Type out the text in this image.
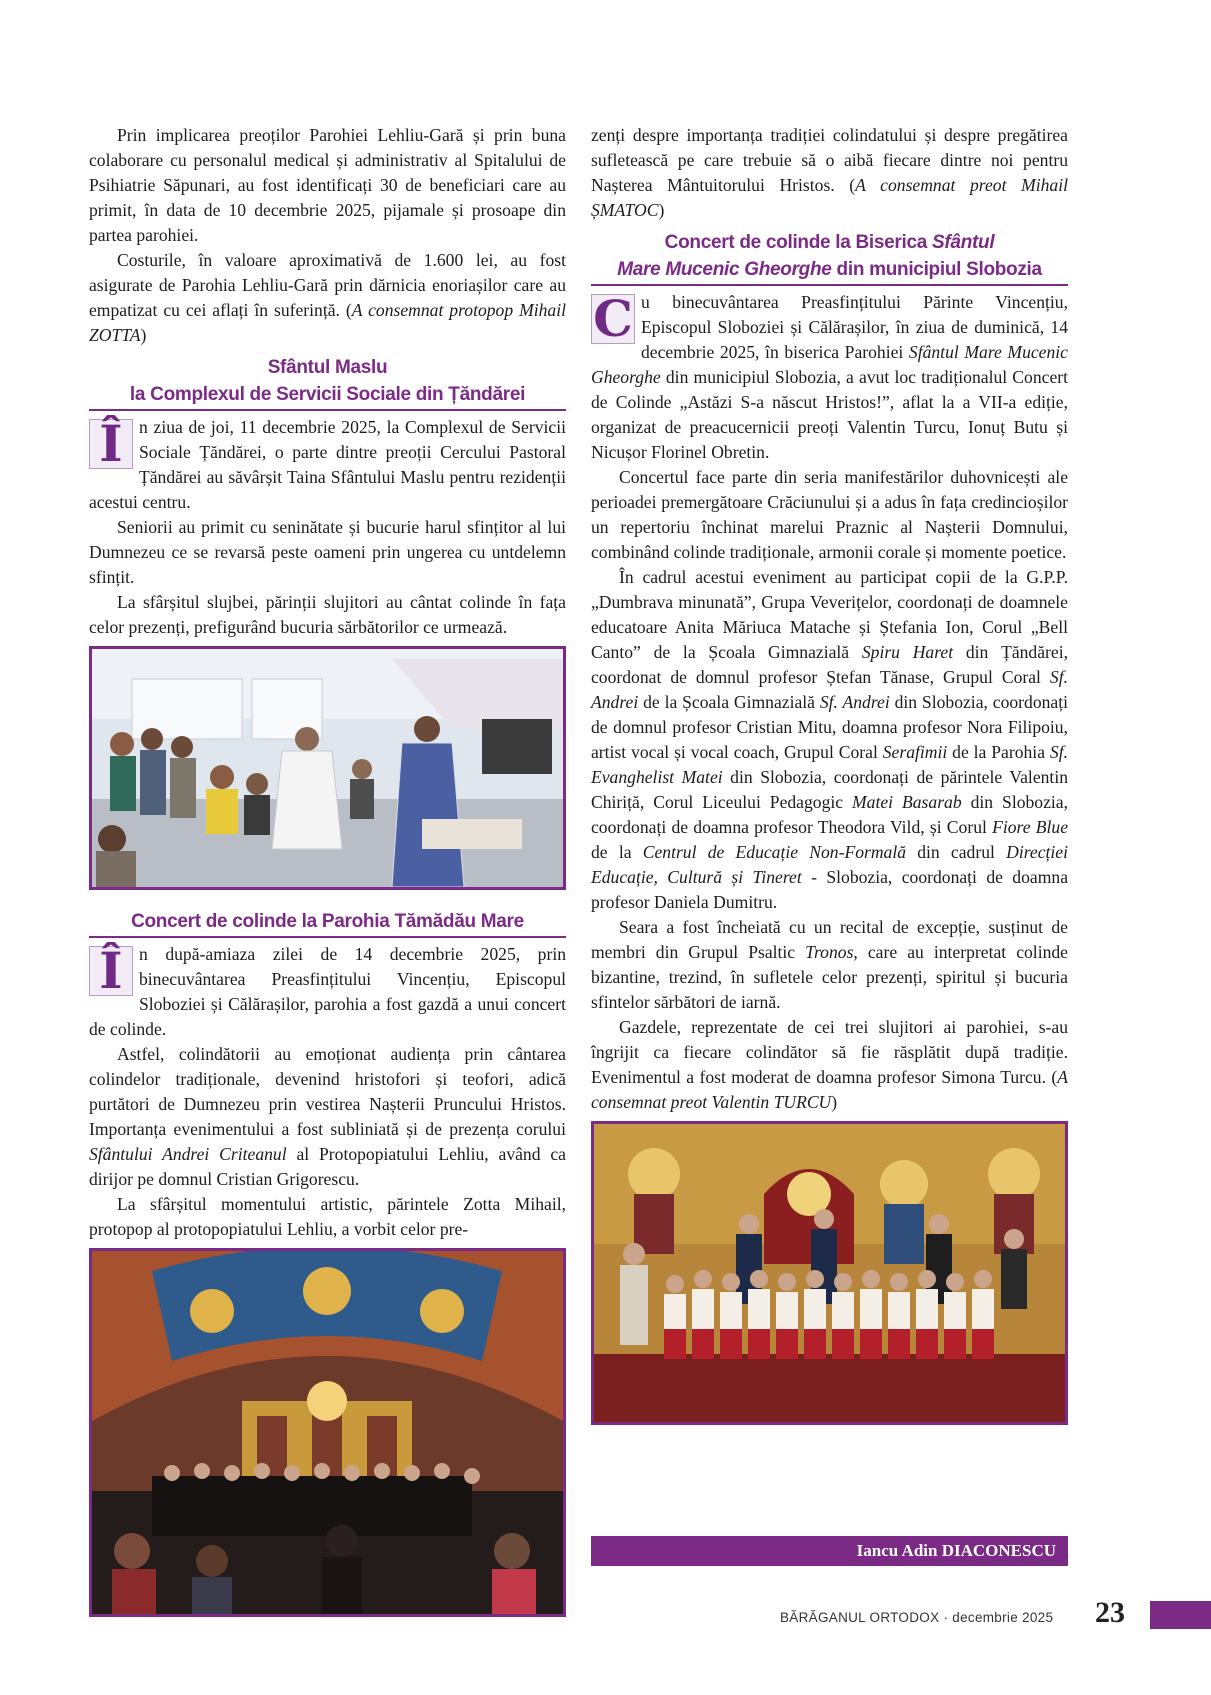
Prin implicarea preoților Parohiei Lehliu-Gară și prin buna colaborare cu personalul medical și administrativ al Spitalului de Psihiatrie Săpunari, au fost identificați 30 de beneficiari care au primit, în data de 10 decembrie 2025, pijamale și prosoape din partea parohiei.

Costurile, în valoare aproximativă de 1.600 lei, au fost asigurate de Parohia Lehliu-Gară prin dărnicia enoriașilor care au empatizat cu cei aflați în suferință. (A consemnat protopop Mihail ZOTTA)

Sfântul Maslu
la Complexul de Servicii Sociale din Țăndărei

Î n ziua de joi, 11 decembrie 2025, la Complexul de Servicii Sociale Țăndărei, o parte dintre preoții Cercului Pastoral Țăndărei au săvârșit Taina Sfântului Maslu pentru rezidenții acestui centru.

Seniorii au primit cu seninătate și bucurie harul sfințitor al lui Dumnezeu ce se revarsă peste oameni prin ungerea cu untdelemn sfințit.

La sfârșitul slujbei, părinții slujitori au cântat colinde în fața celor prezenți, prefigurând bucuria sărbătorilor ce urmează.

Concert de colinde la Parohia Tămădău Mare

Î n după-amiaza zilei de 14 decembrie 2025, prin binecuvântarea Preasfințitului Vincențiu, Episcopul Sloboziei și Călărașilor, parohia a fost gazdă a unui concert de colinde.

Astfel, colindătorii au emoționat audiența prin cântarea colindelor tradiționale, devenind hristofori și teofori, adică purtători de Dumnezeu prin vestirea Nașterii Pruncului Hristos. Importanța evenimentului a fost subliniată și de prezența corului Sfântului Andrei Criteanul al Protopopiatului Lehliu, având ca dirijor pe domnul Cristian Grigorescu.

La sfârșitul momentului artistic, părintele Zotta Mihail, protopop al protopopiatului Lehliu, a vorbit celor pre-

zenți despre importanța tradiției colindatului și despre pregătirea sufletească pe care trebuie să o aibă fiecare dintre noi pentru Nașterea Mântuitorului Hristos. (A consemnat preot Mihail ȘMATOC)

Concert de colinde la Biserica Sfântul
Mare Mucenic Gheorghe din municipiul Slobozia

C u binecuvântarea Preasfințitului Părinte Vincențiu, Episcopul Sloboziei și Călărașilor, în ziua de duminică, 14 decembrie 2025, în biserica Parohiei Sfântul Mare Mucenic Gheorghe din municipiul Slobozia, a avut loc tradiționalul Concert de Colinde „Astăzi S-a născut Hristos!”, aflat la a VII-a ediție, organizat de preacucernicii preoți Valentin Turcu, Ionuț Butu și Nicușor Florinel Obretin.

Concertul face parte din seria manifestărilor duhovnicești ale perioadei premergătoare Crăciunului și a adus în fața credincioșilor un repertoriu închinat marelui Praznic al Nașterii Domnului, combinând colinde tradiționale, armonii corale și momente poetice.

În cadrul acestui eveniment au participat copii de la G.P.P. „Dumbrava minunată”, Grupa Veverițelor, coordonați de doamnele educatoare Anita Măriuca Matache și Ștefania Ion, Corul „Bell Canto” de la Școala Gimnazială Spiru Haret din Țăndărei, coordonat de domnul profesor Ștefan Tănase, Grupul Coral Sf. Andrei de la Școala Gimnazială Sf. Andrei din Slobozia, coordonați de domnul profesor Cristian Mitu, doamna profesor Nora Filipoiu, artist vocal și vocal coach, Grupul Coral Serafimii de la Parohia Sf. Evanghelist Matei din Slobozia, coordonați de părintele Valentin Chiriță, Corul Liceului Pedagogic Matei Basarab din Slobozia, coordonați de doamna profesor Theodora Vild, și Corul Fiore Blue de la Centrul de Educație Non-Formală din cadrul Direcției Educație, Cultură și Tineret - Slobozia, coordonați de doamna profesor Daniela Dumitru.

Seara a fost încheiată cu un recital de excepție, susținut de membri din Grupul Psaltic Tronos, care au interpretat colinde bizantine, trezind, în sufletele celor prezenți, spiritul și bucuria sfintelor sărbători de iarnă.

Gazdele, reprezentate de cei trei slujitori ai parohiei, s-au îngrijit ca fiecare colindător să fie răsplătit după tradiție. Evenimentul a fost moderat de doamna profesor Simona Turcu. (A consemnat preot Valentin TURCU)

Iancu Adin DIACONESCU
BĂRĂGANUL ORTODOX · decembrie 2025 23
